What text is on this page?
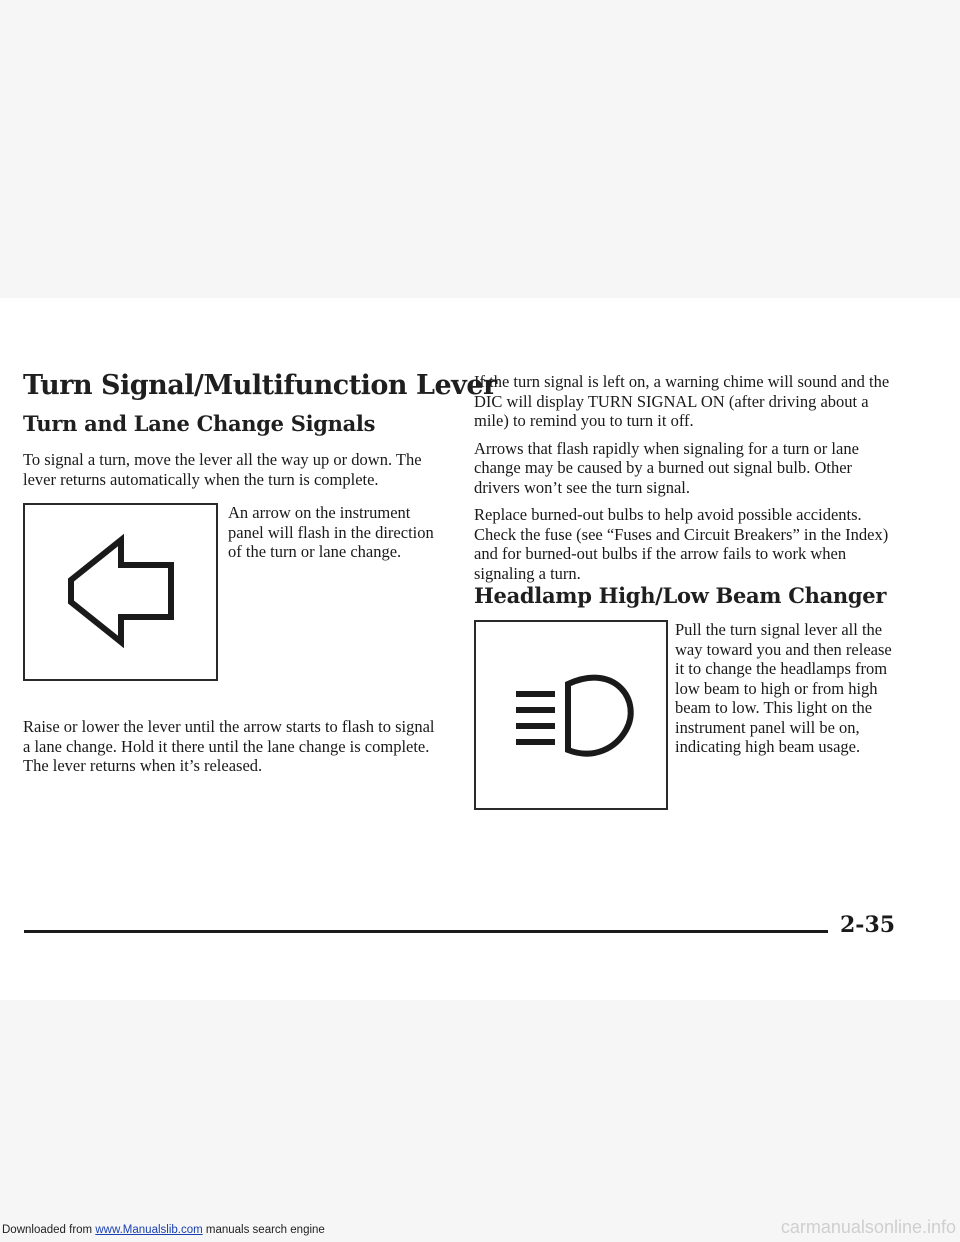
Turn Signal/Multifunction Lever
Turn and Lane Change Signals

To signal a turn, move the lever all the way up or down. The lever returns automatically when the turn is complete.

An arrow on the instrument panel will flash in the direction of the turn or lane change.

Raise or lower the lever until the arrow starts to flash to signal a lane change. Hold it there until the lane change is complete. The lever returns when it’s released.

If the turn signal is left on, a warning chime will sound and the DIC will display TURN SIGNAL ON (after driving about a mile) to remind you to turn it off.

Arrows that flash rapidly when signaling for a turn or lane change may be caused by a burned out signal bulb. Other drivers won’t see the turn signal.

Replace burned-out bulbs to help avoid possible accidents. Check the fuse (see “Fuses and Circuit Breakers” in the Index) and for burned-out bulbs if the arrow fails to work when signaling a turn.

Headlamp High/Low Beam Changer
Pull the turn signal lever all the way toward you and then release it to change the headlamps from low beam to high or from high beam to low. This light on the instrument panel will be on, indicating high beam usage.
2-35
Downloaded from www.Manualslib.com manuals search engine	carmanualsonline.info
